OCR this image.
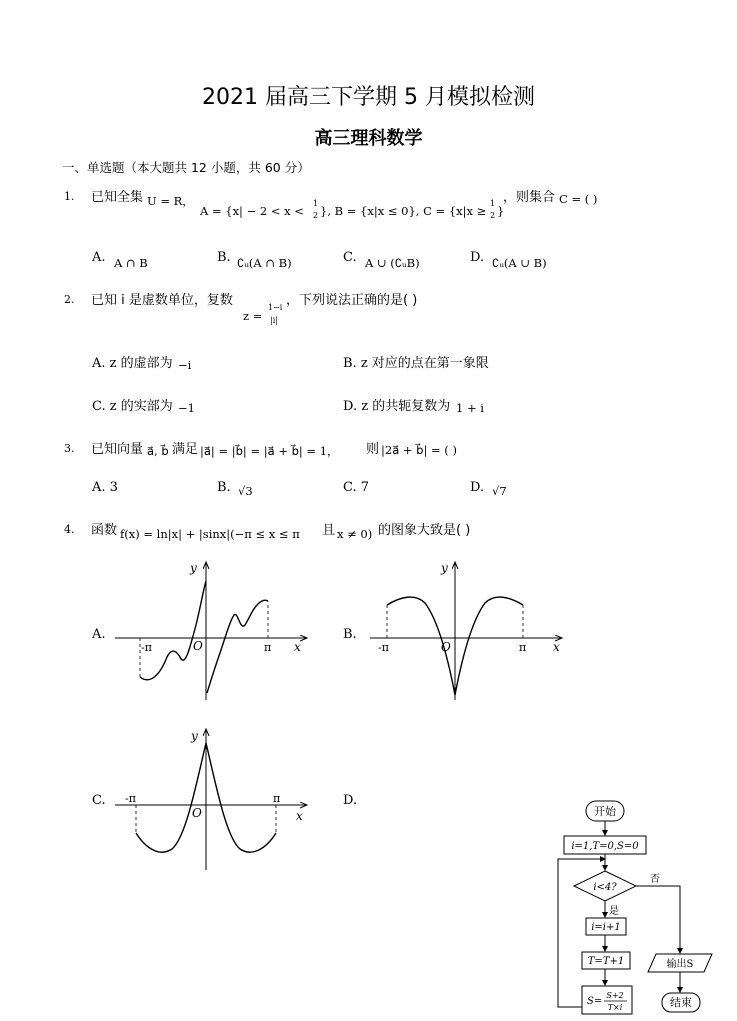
2021 届高三下学期 5 月模拟检测
高三理科数学
一、单选题（本大题共 12 小题，共 60 分）
1. 已知全集 U = R，
A = {x| − 2 < x <
1
2 }, B = {x|x ≤ 0}, C = {x|x ≥
1
2 }
，则集合 C = ( )
A. A ∩ B	B. ∁ᵤ(A ∩ B)	C. A ∪ (∁ᵤB)	D. ∁ᵤ(A ∪ B)
2. 已知 i 是虚数单位，复数
z =
1−i
|i|
，下列说法正确的是( )
A. z 的虚部为 −i	B. z 对应的点在第一象限
C. z 的实部为 −1	D. z 的共轭复数为 1 + i
3. 已知向量 a⃗, b⃗ 满足 |a⃗| = |b⃗| = |a⃗ + b⃗| = 1， 则 |2a⃗ + b⃗| = ( )
A. 3	B. √3	C. 7	D. √7
4. 函数 f(x) = ln|x| + |sinx|(−π ≤ x ≤ π 且 x ≠ 0) 的图象大致是( )
A.	B.
C.	D.
x
y
O
-π	π	x
y
O
-π	π
x
y
O
-π	π
开始
i=1,T=0,S=0
i<4?
否
是
i=i+1
T=T+1
S=
S+2
T×i
输出S
结束
